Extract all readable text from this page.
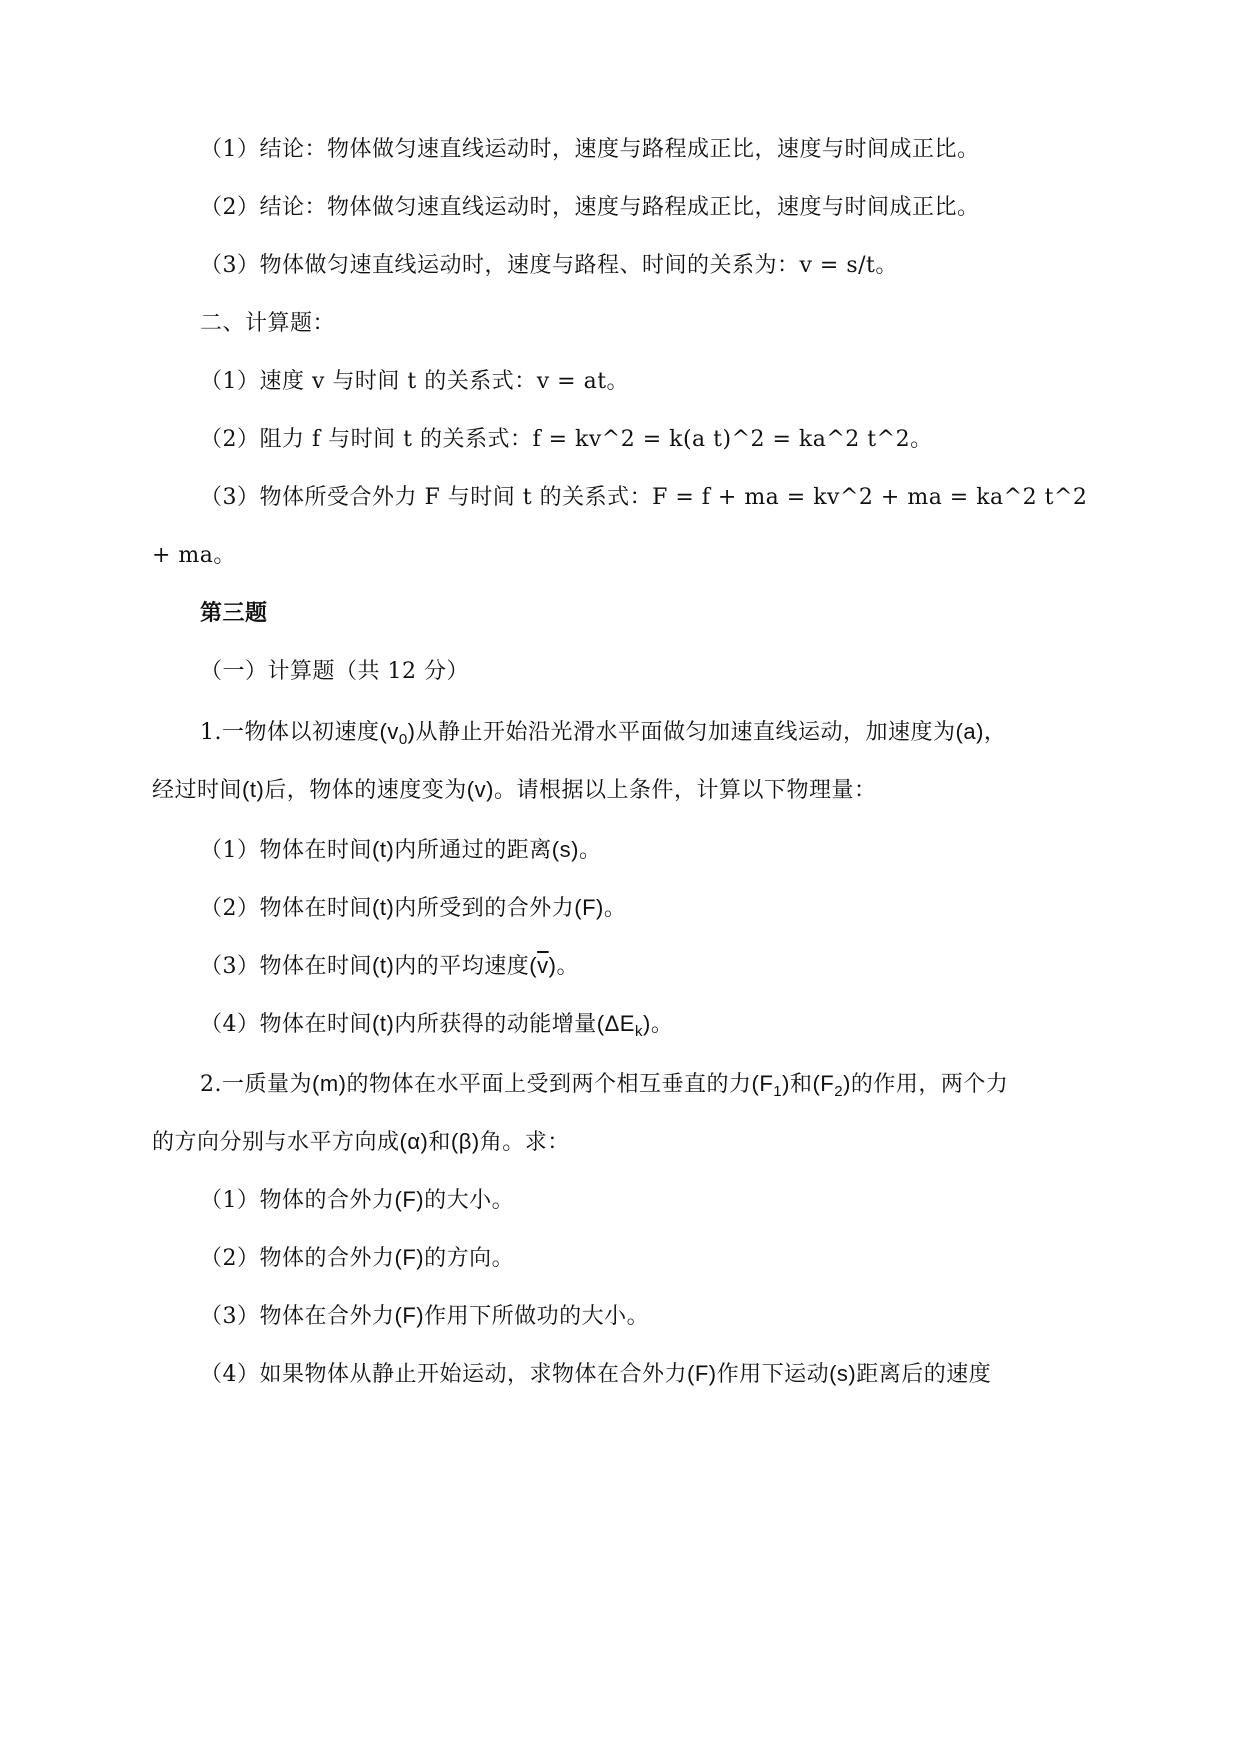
（1）结论：物体做匀速直线运动时，速度与路程成正比，速度与时间成正比。
（2）结论：物体做匀速直线运动时，速度与路程成正比，速度与时间成正比。
（3）物体做匀速直线运动时，速度与路程、时间的关系为：v = s/t。
二、计算题：
（1）速度 v 与时间 t 的关系式：v = at。
（2）阻力 f 与时间 t 的关系式：f = kv^2 = k(a t)^2 = ka^2 t^2。
（3）物体所受合外力 F 与时间 t 的关系式：F = f + ma = kv^2 + ma = ka^2 t^2
+ ma。
第三题
（一）计算题（共 12 分）
1.一物体以初速度$(v_0)$从静止开始沿光滑水平面做匀加速直线运动，加速度为(a)，
经过时间(t)后，物体的速度变为(v)。请根据以上条件，计算以下物理量：
（1）物体在时间(t)内所通过的距离(s)。
（2）物体在时间(t)内所受到的合外力(F)。
（3）物体在时间(t)内的平均速度$(\overline{v})$。
（4）物体在时间(t)内所获得的动能增量$(\Delta E_k)$。
2.一质量为(m)的物体在水平面上受到两个相互垂直的力$(F_1)$和$(F_2)$的作用，两个力
的方向分别与水平方向成(α)和(β)角。求：
（1）物体的合外力(F)的大小。
（2）物体的合外力(F)的方向。
（3）物体在合外力(F)作用下所做功的大小。
（4）如果物体从静止开始运动，求物体在合外力(F)作用下运动(s)距离后的速度
